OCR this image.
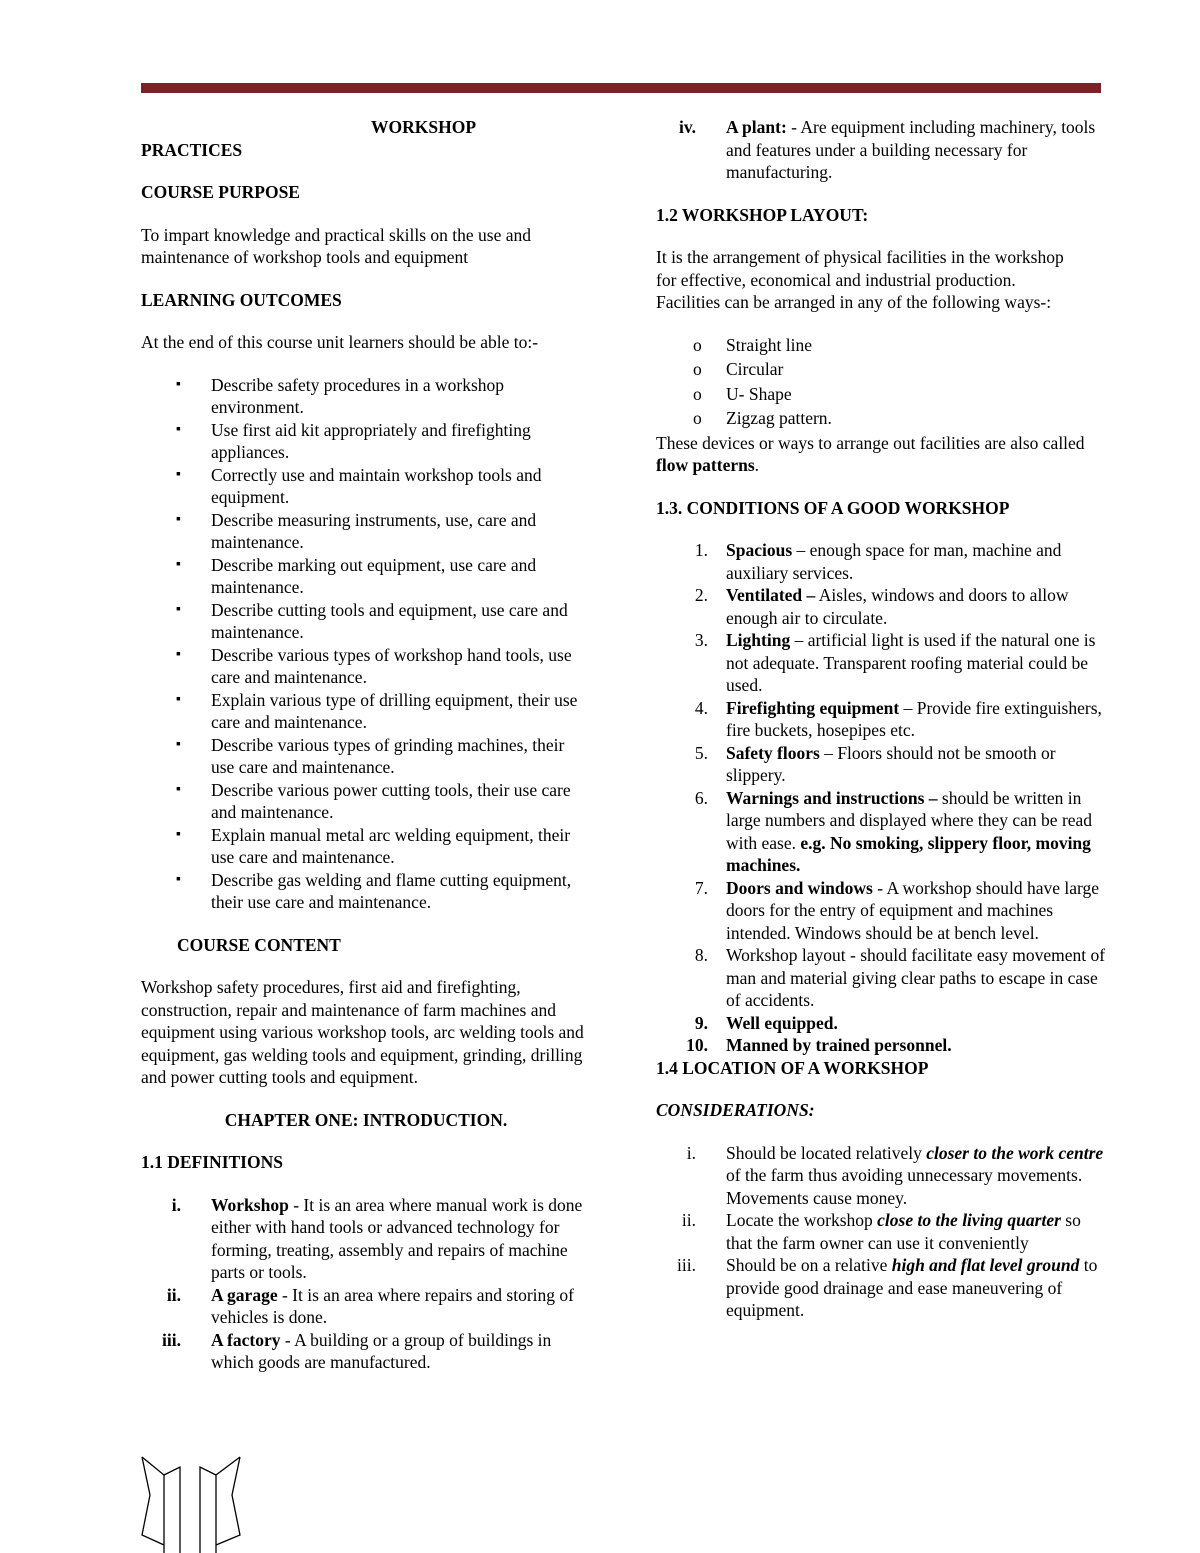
WORKSHOP

PRACTICES

COURSE PURPOSE

To impart knowledge and practical skills on the use and maintenance of workshop tools and equipment

LEARNING OUTCOMES

At the end of this course unit learners should be able to:-

▪ Describe safety procedures in a workshop environment.
▪ Use first aid kit appropriately and firefighting appliances.
▪ Correctly use and maintain workshop tools and equipment.
▪ Describe measuring instruments, use, care and maintenance.
▪ Describe marking out equipment, use care and maintenance.
▪ Describe cutting tools and equipment, use care and maintenance.
▪ Describe various types of workshop hand tools, use care and maintenance.
▪ Explain various type of drilling equipment, their use care and maintenance.
▪ Describe various types of grinding machines, their use care and maintenance.
▪ Describe various power cutting tools, their use care and maintenance.
▪ Explain manual metal arc welding equipment, their use care and maintenance.
▪ Describe gas welding and flame cutting equipment, their use care and maintenance.

COURSE CONTENT

Workshop safety procedures, first aid and firefighting, construction, repair and maintenance of farm machines and equipment using various workshop tools, arc welding tools and equipment, gas welding tools and equipment, grinding, drilling and power cutting tools and equipment.

CHAPTER ONE: INTRODUCTION.

1.1 DEFINITIONS

i. Workshop - It is an area where manual work is done either with hand tools or advanced technology for forming, treating, assembly and repairs of machine parts or tools.
ii. A garage - It is an area where repairs and storing of vehicles is done.
iii. A factory - A building or a group of buildings in which goods are manufactured.
iv. A plant: - Are equipment including machinery, tools and features under a building necessary for manufacturing.

1.2 WORKSHOP LAYOUT:

It is the arrangement of physical facilities in the workshop for effective, economical and industrial production. Facilities can be arranged in any of the following ways-:

o Straight line
o Circular
o U- Shape
o Zigzag pattern.

These devices or ways to arrange out facilities are also called flow patterns.

1.3. CONDITIONS OF A GOOD WORKSHOP

1. Spacious – enough space for man, machine and auxiliary services.
2. Ventilated – Aisles, windows and doors to allow enough air to circulate.
3. Lighting – artificial light is used if the natural one is not adequate. Transparent roofing material could be used.
4. Firefighting equipment – Provide fire extinguishers, fire buckets, hosepipes etc.
5. Safety floors – Floors should not be smooth or slippery.
6. Warnings and instructions – should be written in large numbers and displayed where they can be read with ease. e.g. No smoking, slippery floor, moving machines.
7. Doors and windows - A workshop should have large doors for the entry of equipment and machines intended. Windows should be at bench level.
8. Workshop layout - should facilitate easy movement of man and material giving clear paths to escape in case of accidents.
9. Well equipped.
10. Manned by trained personnel.

1.4 LOCATION OF A WORKSHOP

CONSIDERATIONS:

i. Should be located relatively closer to the work centre of the farm thus avoiding unnecessary movements. Movements cause money.
ii. Locate the workshop close to the living quarter so that the farm owner can use it conveniently
iii. Should be on a relative high and flat level ground to provide good drainage and ease maneuvering of equipment.
